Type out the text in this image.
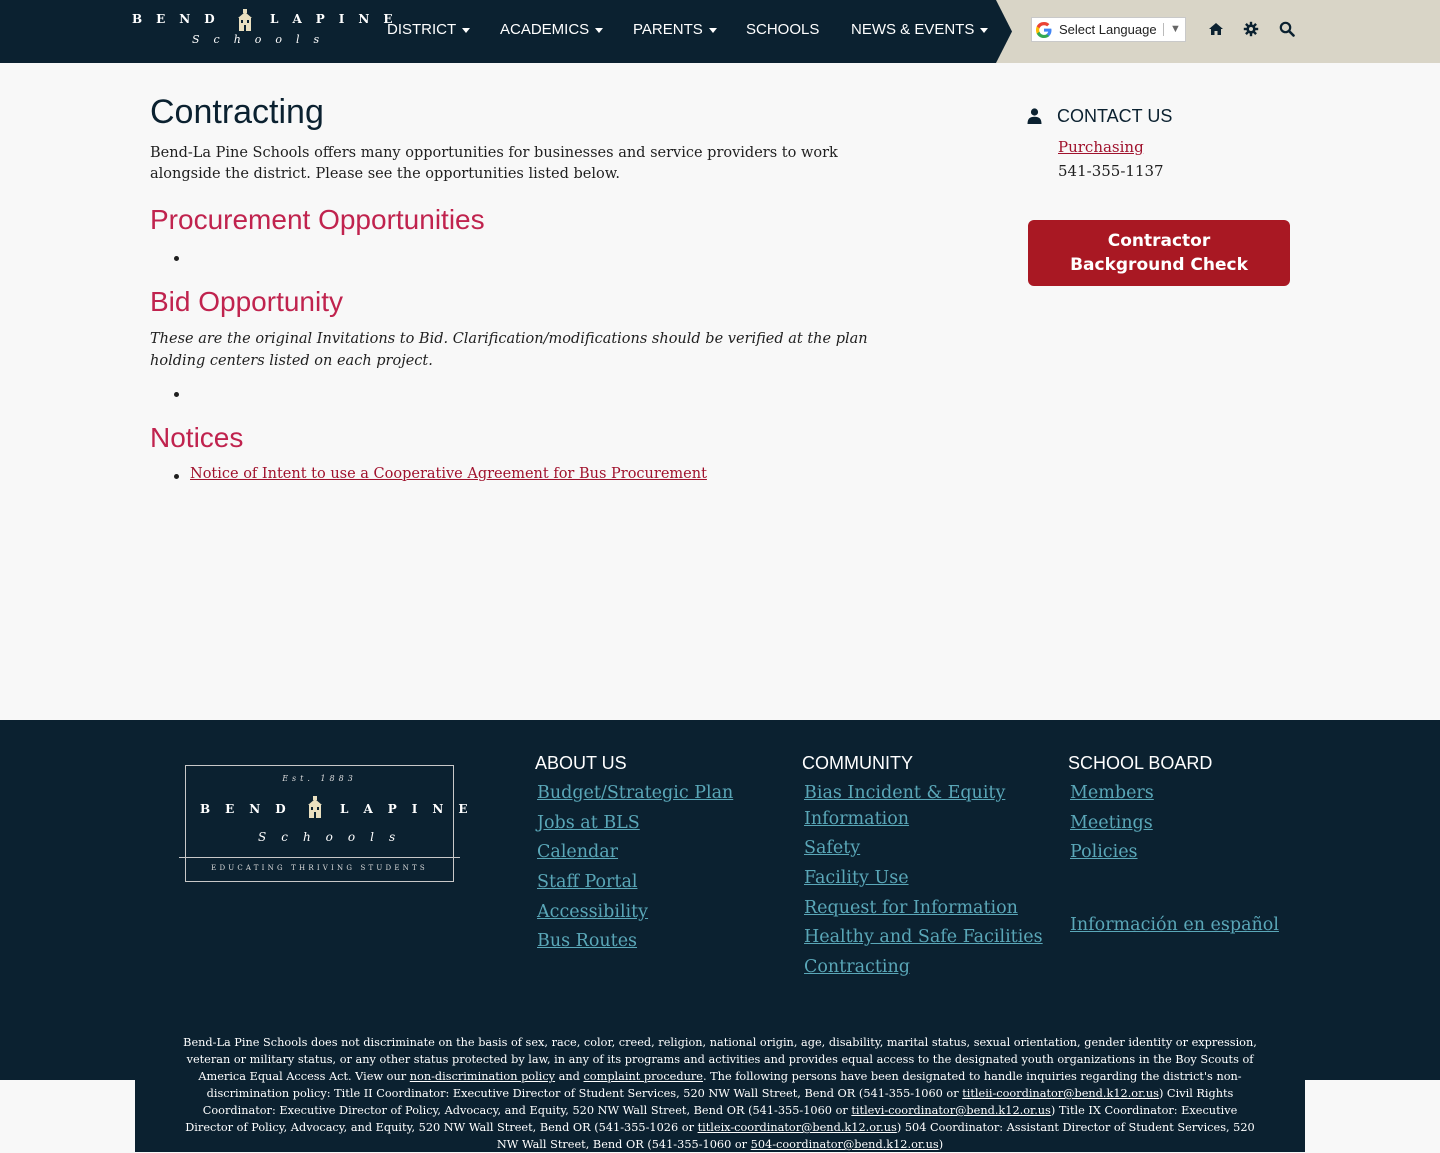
BEND	LAPINE
Schools
DISTRICT	ACADEMICS	PARENTS	SCHOOLS NEWS & EVENTS	Select Language ▼
Contracting

Bend-La Pine Schools offers many opportunities for businesses and service providers to work alongside the district. Please see the opportunities listed below.

Procurement Opportunities
Bid Opportunity

These are the original Invitations to Bid. Clarification/modifications should be verified at the plan holding centers listed on each project.

Notices
Notice of Intent to use a Cooperative Agreement for Bus Procurement
CONTACT US
Purchasing
541-355-1137
Contractor
Background Check
Est. 1883
BEND	LAPINE
Schools
EDUCATING THRIVING STUDENTS
ABOUT US
Budget/Strategic Plan
Jobs at BLS
Calendar
Staff Portal
Accessibility
Bus Routes
COMMUNITY
Bias Incident & Equity
Information
Safety
Facility Use
Request for Information
Healthy and Safe Facilities
Contracting
SCHOOL BOARD
Members
Meetings
Policies
Información en español

Bend-La Pine Schools does not discriminate on the basis of sex, race, color, creed, religion, national origin, age, disability, marital status, sexual orientation, gender identity or expression, veteran or military status, or any other status protected by law, in any of its programs and activities and provides equal access to the designated youth organizations in the Boy Scouts of America Equal Access Act. View our non-discrimination policy and complaint procedure. The following persons have been designated to handle inquiries regarding the district's non-discrimination policy: Title II Coordinator: Executive Director of Student Services, 520 NW Wall Street, Bend OR (541-355-1060 or titleii-coordinator@bend.k12.or.us) Civil Rights Coordinator: Executive Director of Policy, Advocacy, and Equity, 520 NW Wall Street, Bend OR (541-355-1060 or titlevi-coordinator@bend.k12.or.us) Title IX Coordinator: Executive Director of Policy, Advocacy, and Equity, 520 NW Wall Street, Bend OR (541-355-1026 or titleix-coordinator@bend.k12.or.us) 504 Coordinator: Assistant Director of Student Services, 520 NW Wall Street, Bend OR (541-355-1060 or 504-coordinator@bend.k12.or.us)
